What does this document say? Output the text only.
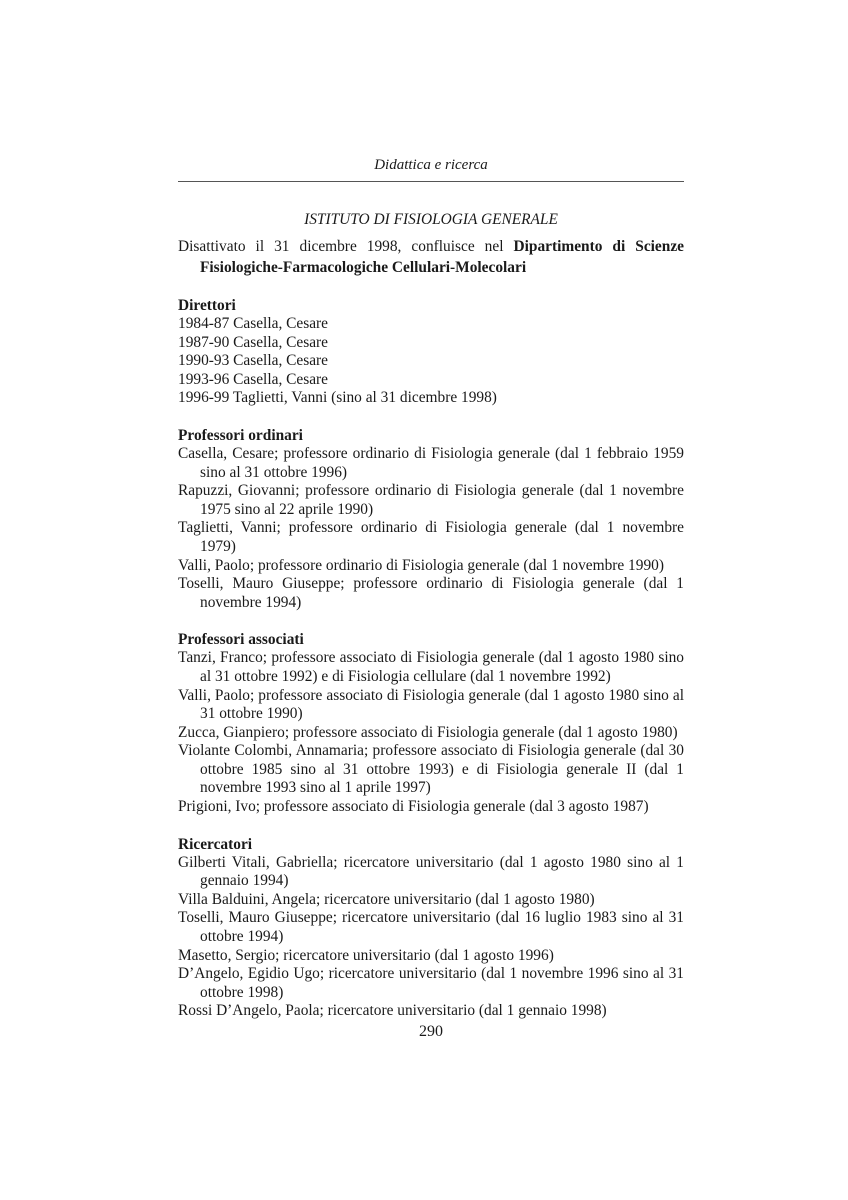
Didattica e ricerca

ISTITUTO DI FISIOLOGIA GENERALE

Disattivato il 31 dicembre 1998, confluisce nel Dipartimento di Scienze Fisiologiche-Farmacologiche Cellulari-Molecolari

Direttori

1984-87 Casella, Cesare

1987-90 Casella, Cesare

1990-93 Casella, Cesare

1993-96 Casella, Cesare

1996-99 Taglietti, Vanni (sino al 31 dicembre 1998)

Professori ordinari

Casella, Cesare; professore ordinario di Fisiologia generale (dal 1 febbraio 1959 sino al 31 ottobre 1996)

Rapuzzi, Giovanni; professore ordinario di Fisiologia generale (dal 1 novembre 1975 sino al 22 aprile 1990)

Taglietti, Vanni; professore ordinario di Fisiologia generale (dal 1 novembre 1979)

Valli, Paolo; professore ordinario di Fisiologia generale (dal 1 novembre 1990)

Toselli, Mauro Giuseppe; professore ordinario di Fisiologia generale (dal 1 novembre 1994)

Professori associati

Tanzi, Franco; professore associato di Fisiologia generale (dal 1 agosto 1980 sino al 31 ottobre 1992) e di Fisiologia cellulare (dal 1 novembre 1992)

Valli, Paolo; professore associato di Fisiologia generale (dal 1 agosto 1980 sino al 31 ottobre 1990)

Zucca, Gianpiero; professore associato di Fisiologia generale (dal 1 agosto 1980)

Violante Colombi, Annamaria; professore associato di Fisiologia generale (dal 30 ottobre 1985 sino al 31 ottobre 1993) e di Fisiologia generale II (dal 1 novembre 1993 sino al 1 aprile 1997)

Prigioni, Ivo; professore associato di Fisiologia generale (dal 3 agosto 1987)

Ricercatori

Gilberti Vitali, Gabriella; ricercatore universitario (dal 1 agosto 1980 sino al 1 gennaio 1994)

Villa Balduini, Angela; ricercatore universitario (dal 1 agosto 1980)

Toselli, Mauro Giuseppe; ricercatore universitario (dal 16 luglio 1983 sino al 31 ottobre 1994)

Masetto, Sergio; ricercatore universitario (dal 1 agosto 1996)

D’Angelo, Egidio Ugo; ricercatore universitario (dal 1 novembre 1996 sino al 31 ottobre 1998)

Rossi D’Angelo, Paola; ricercatore universitario (dal 1 gennaio 1998)

290
